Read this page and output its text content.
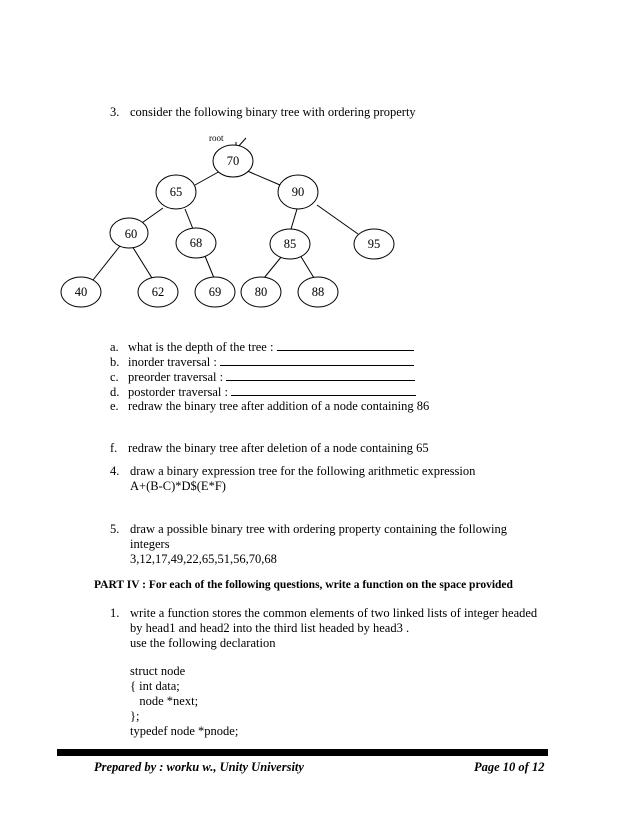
3. consider the following binary tree with ordering property
root
70
65	90
60
68	85	95
40	62	69	80	88
a. what is the depth of the tree :
b. inorder traversal :
c. preorder traversal :
d. postorder traversal :
e. redraw the binary tree after addition of a node containing 86
f. redraw the binary tree after deletion of a node containing 65
4. draw a binary expression tree for the following arithmetic expression
A+(B-C)*D$(E*F)
5. draw a possible binary tree with ordering property containing the following
integers
3,12,17,49,22,65,51,56,70,68
PART IV : For each of the following questions, write a function on the space provided
1. write a function stores the common elements of two linked lists of integer headed
by head1 and head2 into the third list headed by head3 .
use the following declaration
struct node
{ int data;
node *next;
};
typedef node *pnode;
Prepared by : worku w., Unity University	Page 10 of 12
